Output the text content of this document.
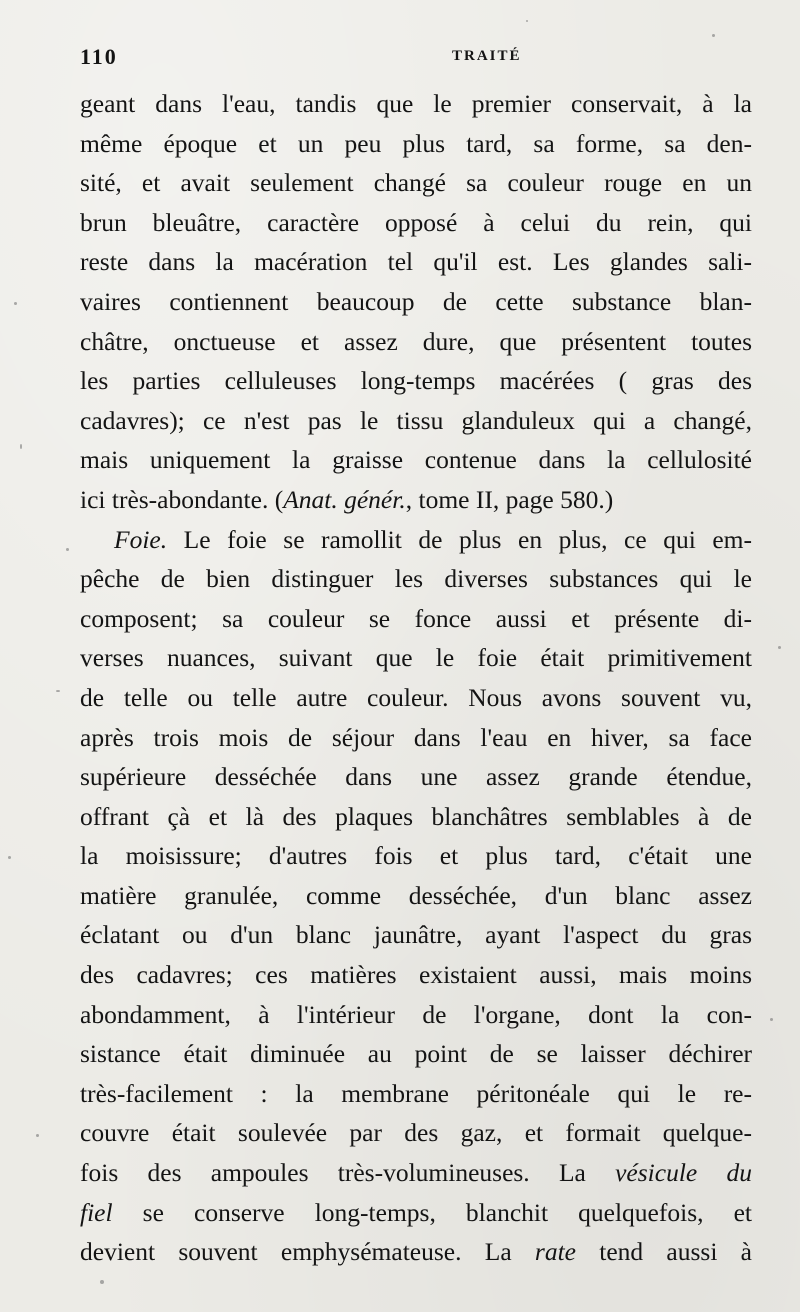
110	TRAITÉ
geant dans l'eau, tandis que le premier conservait, à la
même époque et un peu plus tard, sa forme, sa den-
sité, et avait seulement changé sa couleur rouge en un
brun bleuâtre, caractère opposé à celui du rein, qui
reste dans la macération tel qu'il est. Les glandes sali-
vaires contiennent beaucoup de cette substance blan-
châtre, onctueuse et assez dure, que présentent toutes
les parties celluleuses long-temps macérées ( gras des
cadavres); ce n'est pas le tissu glanduleux qui a changé,
mais uniquement la graisse contenue dans la cellulosité
ici très-abondante. (Anat. génér., tome II, page 580.)
Foie. Le foie se ramollit de plus en plus, ce qui em-
pêche de bien distinguer les diverses substances qui le
composent; sa couleur se fonce aussi et présente di-
verses nuances, suivant que le foie était primitivement
de telle ou telle autre couleur. Nous avons souvent vu,
après trois mois de séjour dans l'eau en hiver, sa face
supérieure desséchée dans une assez grande étendue,
offrant çà et là des plaques blanchâtres semblables à de
la moisissure; d'autres fois et plus tard, c'était une
matière granulée, comme desséchée, d'un blanc assez
éclatant ou d'un blanc jaunâtre, ayant l'aspect du gras
des cadavres; ces matières existaient aussi, mais moins
abondamment, à l'intérieur de l'organe, dont la con-
sistance était diminuée au point de se laisser déchirer
très-facilement : la membrane péritonéale qui le re-
couvre était soulevée par des gaz, et formait quelque-
fois des ampoules très-volumineuses. La vésicule du
fiel se conserve long-temps, blanchit quelquefois, et
devient souvent emphysémateuse. La rate tend aussi à
